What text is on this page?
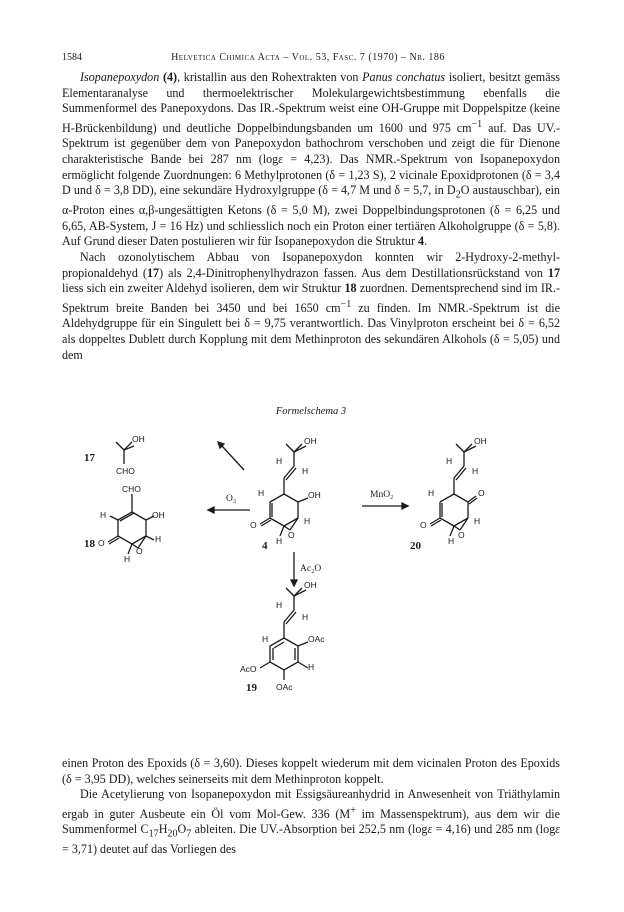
1584	Helvetica Chimica Acta – Vol. 53, Fasc. 7 (1970) – Nr. 186

Isopanepoxydon (4), kristallin aus den Rohextrakten von Panus conchatus isoliert, besitzt gemäss Elementaranalyse und thermoelektrischer Molekulargewichtsbestimmung ebenfalls die Summenformel des Panepoxydons. Das IR.-Spektrum weist eine OH-Gruppe mit Doppelspitze (keine H-Brückenbildung) und deutliche Doppelbindungsbanden um 1600 und 975 $cm^{-1}$ auf. Das UV.-Spektrum ist gegenüber dem von Panepoxydon bathochrom verschoben und zeigt die für Dienone charakteristische Bande bei 287 nm (logε = 4,23). Das NMR.-Spektrum von Isopanepoxydon ermöglicht folgende Zuordnungen: 6 Methylprotonen (δ = 1,23 S), 2 vicinale Epoxidprotonen (δ = 3,4 D und δ = 3,8 DD), eine sekundäre Hydroxylgruppe (δ = 4,7 M und δ = 5,7, in $D_2O$ austauschbar), ein α-Proton eines α,β-ungesättigten Ketons (δ = 5,0 M), zwei Doppelbindungsprotonen (δ = 6,25 und 6,65, AB-System, J = 16 Hz) und schliesslich noch ein Proton einer tertiären Alkoholgruppe (δ = 5,8). Auf Grund dieser Daten postulieren wir für Isopanepoxydon die Struktur 4.

Nach ozonolytischem Abbau von Isopanepoxydon konnten wir 2-Hydroxy-2-methyl-propionaldehyd (17) als 2,4-Dinitrophenylhydrazon fassen. Aus dem Destillationsrückstand von 17 liess sich ein zweiter Aldehyd isolieren, dem wir Struktur 18 zuordnen. Dementsprechend sind im IR.-Spektrum breite Banden bei 3450 und bei 1650 $cm^{-1}$ zu finden. Im NMR.-Spektrum ist die Aldehydgruppe für ein Singulett bei δ = 9,75 verantwortlich. Das Vinylproton erscheint bei δ = 6,52 als doppeltes Dublett durch Kopplung mit dem Methinproton des sekundären Alkohols (δ = 5,05) und dem

Formelschema 3
OH
CHO
CHO
H	OH
O
O
H
H
OH
H
H
H	OH
O
O
H
H
OH
H
H
H	O
O
O
H
H
OH
H
H
H	OAc
H
AcO
OAc
17
18	4	20
19
O₃	MnO₂
Ac₂O

einen Proton des Epoxids (δ = 3,60). Dieses koppelt wiederum mit dem vicinalen Proton des Epoxids (δ = 3,95 DD), welches seinerseits mit dem Methinproton koppelt.

Die Acetylierung von Isopanepoxydon mit Essigsäureanhydrid in Anwesenheit von Triäthylamin ergab in guter Ausbeute ein Öl vom Mol-Gew. 336 (M+ im Massenspektrum), aus dem wir die Summenformel $C_{17}H_{20}O_7$ ableiten. Die UV.-Absorption bei 252,5 nm (logε = 4,16) und 285 nm (logε = 3,71) deutet auf das Vorliegen des
